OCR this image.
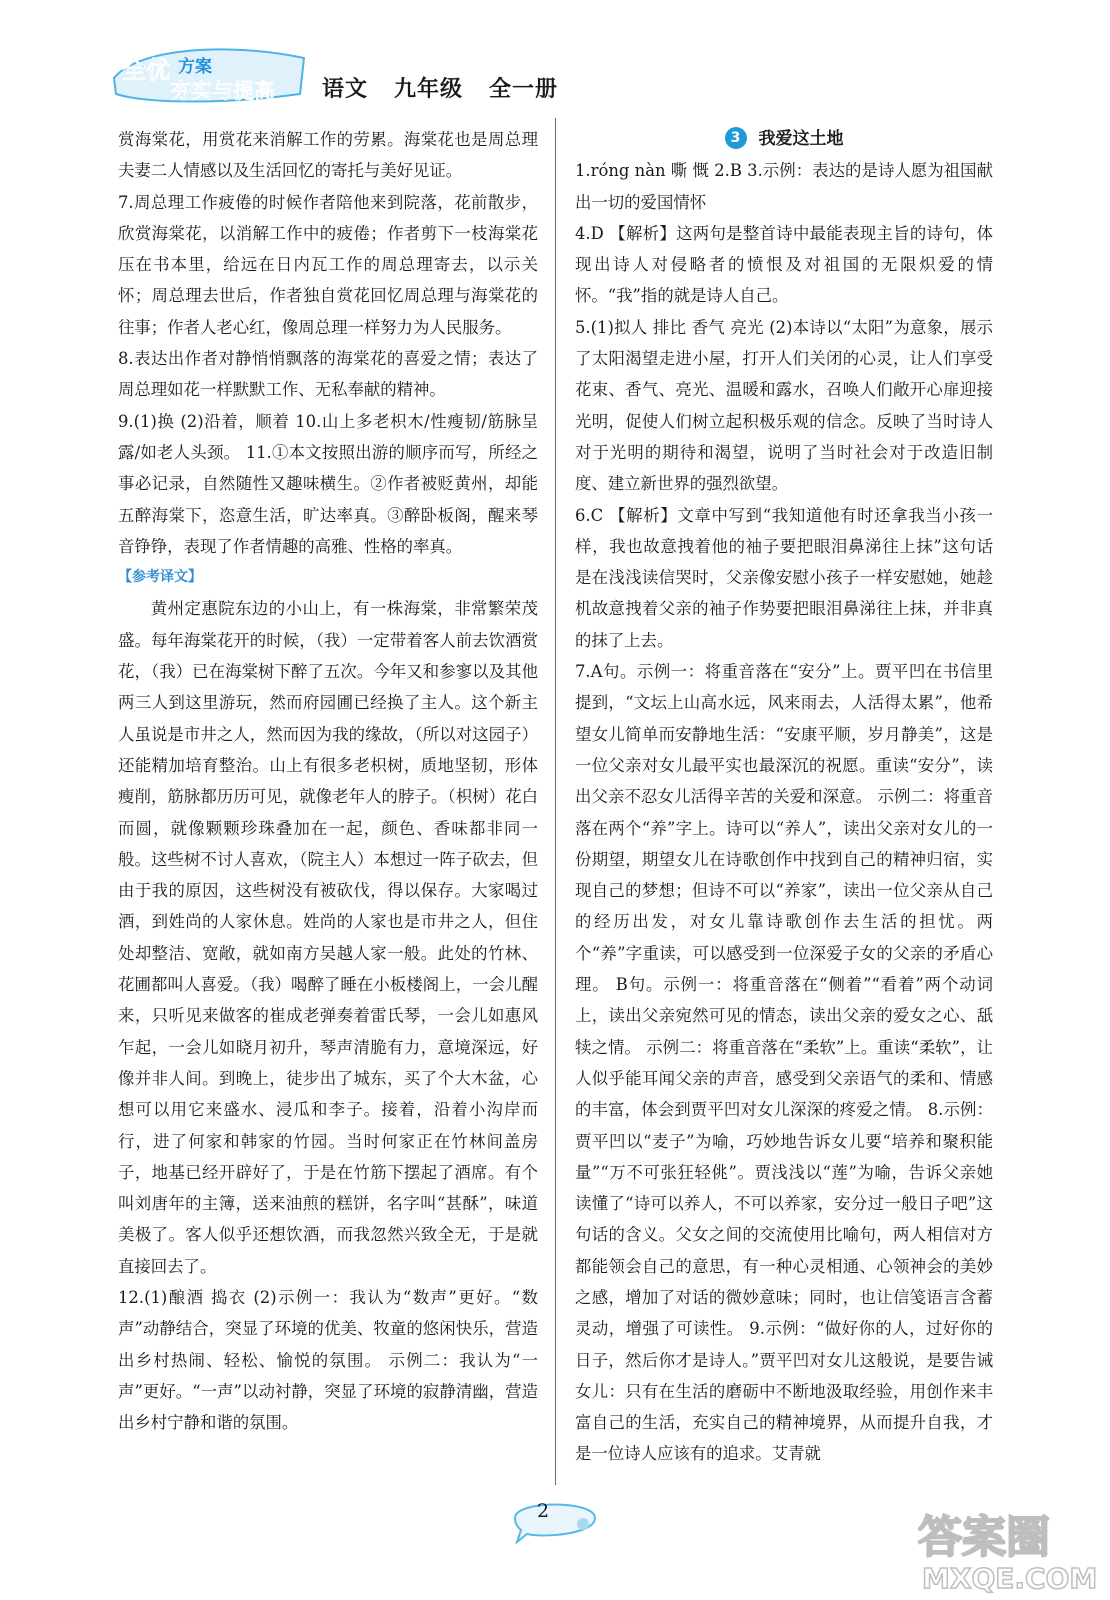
全优 方案
夯实与提高 语文   九年级   全一册

赏海棠花，用赏花来消解工作的劳累。海棠花也是周总理夫妻二人情感以及生活回忆的寄托与美好见证。

7.周总理工作疲倦的时候作者陪他来到院落，花前散步，欣赏海棠花，以消解工作中的疲倦；作者剪下一枝海棠花压在书本里，给远在日内瓦工作的周总理寄去，以示关怀；周总理去世后，作者独自赏花回忆周总理与海棠花的往事；作者人老心红，像周总理一样努力为人民服务。

8.表达出作者对静悄悄飘落的海棠花的喜爱之情；表达了周总理如花一样默默工作、无私奉献的精神。

9.(1)换 (2)沿着，顺着 10.山上多老枳木/性瘦韧/筋脉呈露/如老人头颈。 11.①本文按照出游的顺序而写，所经之事必记录，自然随性又趣味横生。②作者被贬黄州，却能五醉海棠下，恣意生活，旷达率真。③醉卧板阁，醒来琴音铮铮，表现了作者情趣的高雅、性格的率真。

【参考译文】

黄州定惠院东边的小山上，有一株海棠，非常繁荣茂盛。每年海棠花开的时候，（我）一定带着客人前去饮酒赏花，（我）已在海棠树下醉了五次。今年又和参寥以及其他两三人到这里游玩，然而府园圃已经换了主人。这个新主人虽说是市井之人，然而因为我的缘故，（所以对这园子）还能精加培育整治。山上有很多老枳树，质地坚韧，形体瘦削，筋脉都历历可见，就像老年人的脖子。（枳树）花白而圆，就像颗颗珍珠叠加在一起，颜色、香味都非同一般。这些树不讨人喜欢，（院主人）本想过一阵子砍去，但由于我的原因，这些树没有被砍伐，得以保存。大家喝过酒，到姓尚的人家休息。姓尚的人家也是市井之人，但住处却整洁、宽敞，就如南方吴越人家一般。此处的竹林、花圃都叫人喜爱。（我）喝醉了睡在小板楼阁上，一会儿醒来，只听见来做客的崔成老弹奏着雷氏琴，一会儿如惠风乍起，一会儿如晓月初升，琴声清脆有力，意境深远，好像并非人间。到晚上，徒步出了城东，买了个大木盆，心想可以用它来盛水、浸瓜和李子。接着，沿着小沟岸而行，进了何家和韩家的竹园。当时何家正在竹林间盖房子，地基已经开辟好了，于是在竹筋下摆起了酒席。有个叫刘唐年的主簿，送来油煎的糕饼，名字叫“甚酥”，味道美极了。客人似乎还想饮酒，而我忽然兴致全无，于是就直接回去了。

12.(1)酿酒 捣衣 (2)示例一：我认为“数声”更好。“数声”动静结合，突显了环境的优美、牧童的悠闲快乐，营造出乡村热闹、轻松、愉悦的氛围。 示例二：我认为“一声”更好。“一声”以动衬静，突显了环境的寂静清幽，营造出乡村宁静和谐的氛围。

3 我爱这土地

1.róng nàn 嘶 慨 2.B 3.示例：表达的是诗人愿为祖国献出一切的爱国情怀

4.D 【解析】这两句是整首诗中最能表现主旨的诗句，体现出诗人对侵略者的愤恨及对祖国的无限炽爱的情怀。“我”指的就是诗人自己。

5.(1)拟人 排比 香气 亮光 (2)本诗以“太阳”为意象，展示了太阳渴望走进小屋，打开人们关闭的心灵，让人们享受花束、香气、亮光、温暖和露水，召唤人们敞开心扉迎接光明，促使人们树立起积极乐观的信念。反映了当时诗人对于光明的期待和渴望，说明了当时社会对于改造旧制度、建立新世界的强烈欲望。

6.C 【解析】文章中写到“我知道他有时还拿我当小孩一样，我也故意拽着他的袖子要把眼泪鼻涕往上抹”这句话是在浅浅读信哭时，父亲像安慰小孩子一样安慰她，她趁机故意拽着父亲的袖子作势要把眼泪鼻涕往上抹，并非真的抹了上去。

7.A句。示例一：将重音落在“安分”上。贾平凹在书信里提到，“文坛上山高水远，风来雨去，人活得太累”，他希望女儿简单而安静地生活：“安康平顺，岁月静美”，这是一位父亲对女儿最平实也最深沉的祝愿。重读“安分”，读出父亲不忍女儿活得辛苦的关爱和深意。 示例二：将重音落在两个“养”字上。诗可以“养人”，读出父亲对女儿的一份期望，期望女儿在诗歌创作中找到自己的精神归宿，实现自己的梦想；但诗不可以“养家”，读出一位父亲从自己的经历出发，对女儿靠诗歌创作去生活的担忧。两个“养”字重读，可以感受到一位深爱子女的父亲的矛盾心理。 B句。示例一：将重音落在“侧着”“看着”两个动词上，读出父亲宛然可见的情态，读出父亲的爱女之心、舐犊之情。 示例二：将重音落在“柔软”上。重读“柔软”，让人似乎能耳闻父亲的声音，感受到父亲语气的柔和、情感的丰富，体会到贾平凹对女儿深深的疼爱之情。 8.示例：贾平凹以“麦子”为喻，巧妙地告诉女儿要“培养和聚积能量”“万不可张狂轻佻”。贾浅浅以“莲”为喻，告诉父亲她读懂了“诗可以养人，不可以养家，安分过一般日子吧”这句话的含义。父女之间的交流使用比喻句，两人相信对方都能领会自己的意思，有一种心灵相通、心领神会的美妙之感，增加了对话的微妙意味；同时，也让信笺语言含蓄灵动，增强了可读性。 9.示例：“做好你的人，过好你的日子，然后你才是诗人。”贾平凹对女儿这般说，是要告诫女儿：只有在生活的磨砺中不断地汲取经验，用创作来丰富自己的生活，充实自己的精神境界，从而提升自我，才是一位诗人应该有的追求。艾青就

2
答案圈
MXQE.COM
